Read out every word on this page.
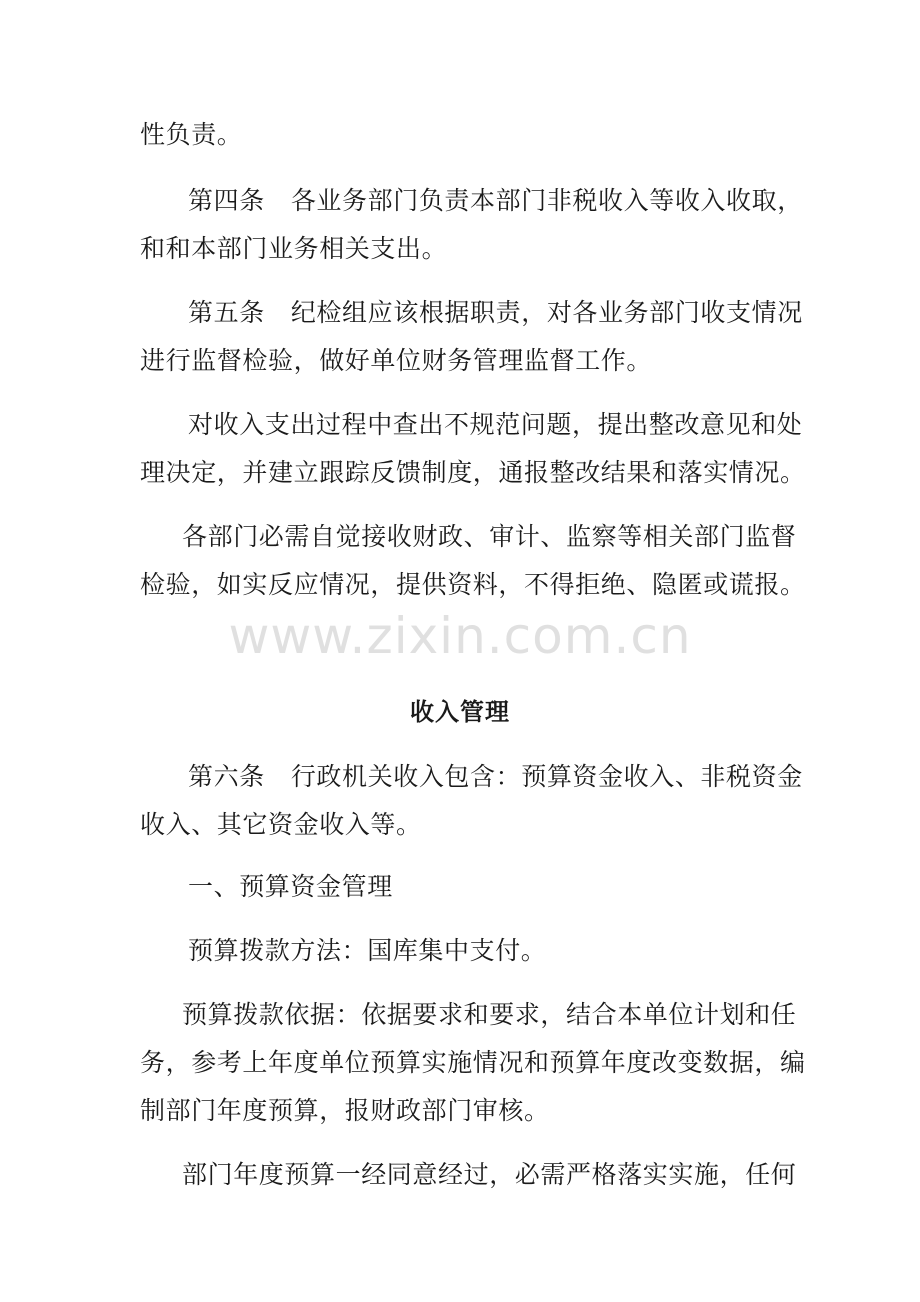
性负责。
第四条 各业务部门负责本部门非税收入等收入收取，
和和本部门业务相关支出。
第五条 纪检组应该根据职责，对各业务部门收支情况
进行监督检验，做好单位财务管理监督工作。
对收入支出过程中查出不规范问题，提出整改意见和处
理决定，并建立跟踪反馈制度，通报整改结果和落实情况。
各部门必需自觉接收财政、审计、监察等相关部门监督
检验，如实反应情况，提供资料，不得拒绝、隐匿或谎报。
www.zixin.com.cn
收入管理
第六条 行政机关收入包含：预算资金收入、非税资金
收入、其它资金收入等。
一、预算资金管理
预算拨款方法：国库集中支付。
预算拨款依据：依据要求和要求，结合本单位计划和任
务，参考上年度单位预算实施情况和预算年度改变数据，编
制部门年度预算，报财政部门审核。
部门年度预算一经同意经过，必需严格落实实施，任何
